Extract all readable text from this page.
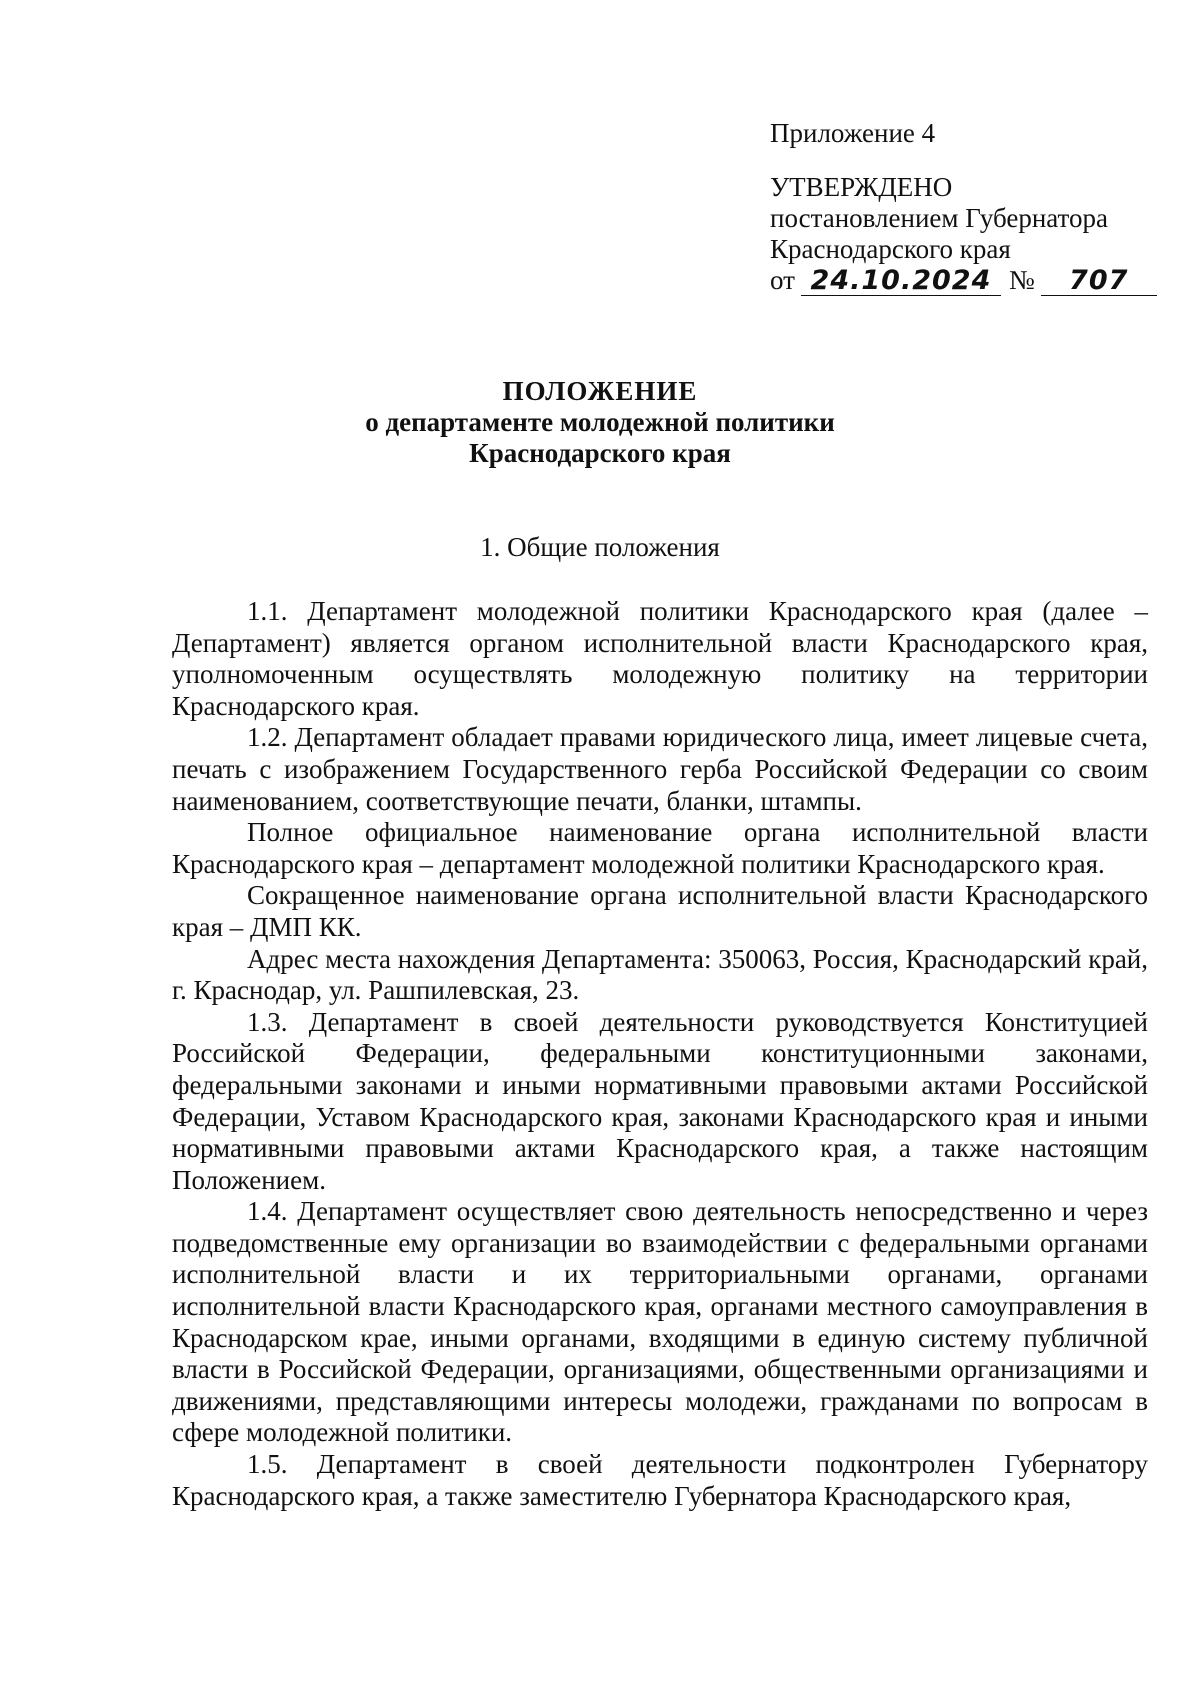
Приложение 4
УТВЕРЖДЕНО
постановлением Губернатора
Краснодарского края
от 24.10.2024 №	707
ПОЛОЖЕНИЕ
о департаменте молодежной политики
Краснодарского края
1. Общие положения

1.1. Департамент молодежной политики Краснодарского края (далее – Департамент) является органом исполнительной власти Краснодарского края, уполномоченным осуществлять молодежную политику на территории Краснодарского края.

1.2. Департамент обладает правами юридического лица, имеет лицевые счета, печать с изображением Государственного герба Российской Федерации со своим наименованием, соответствующие печати, бланки, штампы.

Полное официальное наименование органа исполнительной власти Краснодарского края – департамент молодежной политики Краснодарского края.

Сокращенное наименование органа исполнительной власти Краснодарского края – ДМП КК.

Адрес места нахождения Департамента: 350063, Россия, Краснодарский край, г. Краснодар, ул. Рашпилевская, 23.

1.3. Департамент в своей деятельности руководствуется Конституцией Российской Федерации, федеральными конституционными законами, федеральными законами и иными нормативными правовыми актами Российской Федерации, Уставом Краснодарского края, законами Краснодарского края и иными нормативными правовыми актами Краснодарского края, а также настоящим Положением.

1.4. Департамент осуществляет свою деятельность непосредственно и через подведомственные ему организации во взаимодействии с федеральными органами исполнительной власти и их территориальными органами, органами исполнительной власти Краснодарского края, органами местного самоуправления в Краснодарском крае, иными органами, входящими в единую систему публичной власти в Российской Федерации, организациями, общественными организациями и движениями, представляющими интересы молодежи, гражданами по вопросам в сфере молодежной политики.

1.5. Департамент в своей деятельности подконтролен Губернатору Краснодарского края, а также заместителю Губернатора Краснодарского края,
